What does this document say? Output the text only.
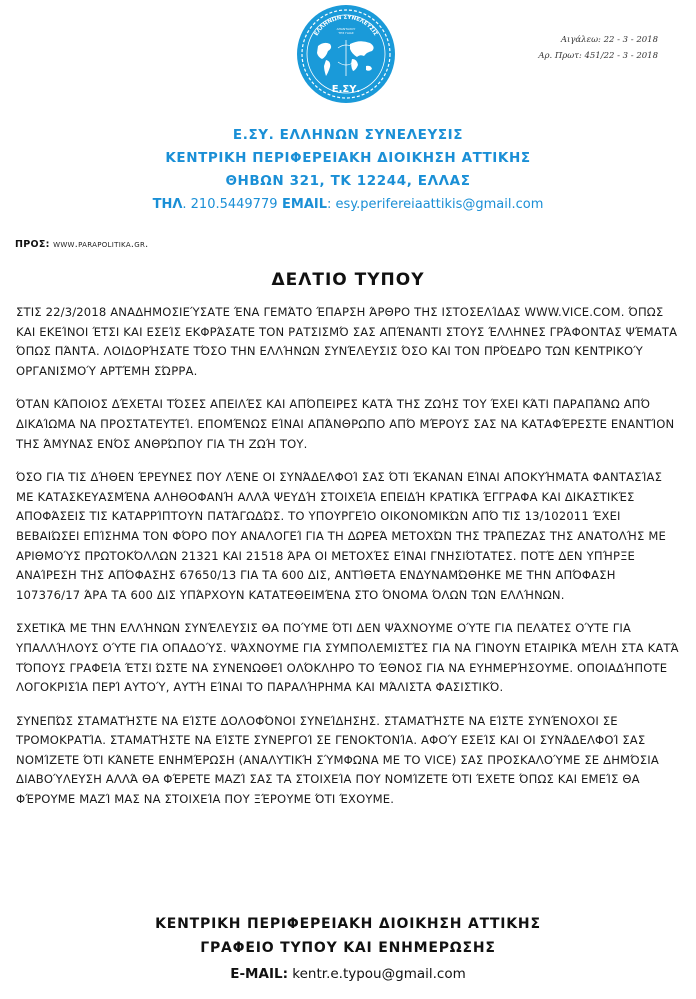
Ε.ΣΥ.
ΑΠΑΝΤΑΧΟΥ
ΤΗΣ ΓΑΙΑΣ
ΕΛΛΗΝΩΝ ΣΥΝΕΛΕΥΣΙΣ
Αιγάλεω: 22 - 3 - 2018
Αρ. Πρωτ: 451/22 - 3 - 2018
Ε.ΣΥ. ΕΛΛΗΝΩΝ ΣΥΝΕΛΕΥΣΙΣ
ΚΕΝΤΡΙΚΗ ΠΕΡΙΦΕΡΕΙΑΚΗ ΔΙΟΙΚΗΣΗ ΑΤΤΙΚΗΣ
ΘΗΒΩΝ 321, ΤΚ 12244, ΕΛΛΑΣ
ΤΗΛ. 210.5449779 EMAIL: esy.perifereiaattikis@gmail.com
ΠΡΟΣ: www.parapolitika.gr.
ΔΕΛΤΙΟ ΤΥΠΟΥ

ΣΤΙΣ 22/3/2018 ΑΝΑΔΗΜΟΣΙΕΎΣΑΤΕ ΈΝΑ ΓΕΜΆΤΟ ΈΠΑΡΣΗ ΆΡΘΡΟ ΤΗΣ ΙΣΤΟΣΕΛΊΔΑΣ WWW.VICE.COM. ΌΠΩΣ ΚΑΙ ΕΚΕΊΝΟΙ ΈΤΣΙ ΚΑΙ ΕΣΕΊΣ ΕΚΦΡΆΣΑΤΕ ΤΟΝ ΡΑΤΣΙΣΜΌ ΣΑΣ ΑΠΈΝΑΝΤΙ ΣΤΟΥΣ ΈΛΛΗΝΕΣ ΓΡΆΦΟΝΤΑΣ ΨΈΜΑΤΑ ΌΠΩΣ ΠΆΝΤΑ. ΛΟΙΔΟΡΉΣΑΤΕ ΤΌΣΟ ΤΗΝ ΕΛΛΉΝΩΝ ΣΥΝΈΛΕΥΣΙΣ ΌΣΟ ΚΑΙ ΤΟΝ ΠΡΌΕΔΡΟ ΤΩΝ ΚΕΝΤΡΙΚΟΎ ΟΡΓΑΝΙΣΜΟΎ ΑΡΤΈΜΗ ΣΏΡΡΑ.

ΌΤΑΝ ΚΆΠΟΙΟΣ ΔΈΧΕΤΑΙ ΤΌΣΕΣ ΑΠΕΙΛΈΣ ΚΑΙ ΑΠΌΠΕΙΡΕΣ ΚΑΤΆ ΤΗΣ ΖΩΉΣ ΤΟΥ ΈΧΕΙ ΚΆΤΙ ΠΑΡΑΠΆΝΩ ΑΠΌ ΔΙΚΑΊΩΜΑ ΝΑ ΠΡΟΣΤΑΤΕΥΤΕΊ. ΕΠΟΜΈΝΩΣ ΕΊΝΑΙ ΑΠΆΝΘΡΩΠΟ ΑΠΌ ΜΈΡΟΥΣ ΣΑΣ ΝΑ ΚΑΤΑΦΈΡΕΣΤΕ ΕΝΑΝΤΊΟΝ ΤΗΣ ΆΜΥΝΑΣ ΕΝΌΣ ΑΝΘΡΏΠΟΥ ΓΙΑ ΤΗ ΖΩΉ ΤΟΥ.

ΌΣΟ ΓΙΑ ΤΙΣ ΔΉΘΕΝ ΈΡΕΥΝΕΣ ΠΟΥ ΛΈΝΕ ΟΙ ΣΥΝΆΔΕΛΦΟΊ ΣΑΣ ΌΤΙ ΈΚΑΝΑΝ ΕΊΝΑΙ ΑΠΟΚΥΉΜΑΤΑ ΦΑΝΤΑΣΊΑΣ ΜΕ ΚΑΤΑΣΚΕΥΑΣΜΈΝΑ ΑΛΗΘΟΦΑΝΉ ΑΛΛΆ ΨΕΥΔΉ ΣΤΟΙΧΕΊΑ ΕΠΕΙΔΉ ΚΡΑΤΙΚΆ ΈΓΓΡΑΦΑ ΚΑΙ ΔΙΚΑΣΤΙΚΈΣ ΑΠΟΦΆΣΕΙΣ ΤΙΣ ΚΑΤΑΡΡΊΠΤΟΥΝ ΠΑΤΆΓΩΔΏΣ. ΤΟ ΥΠΟΥΡΓΕΊΟ ΟΙΚΟΝΟΜΙΚΏΝ ΑΠΌ ΤΙΣ 13/102011 ΈΧΕΙ ΒΕΒΑΙΏΣΕΙ ΕΠΊΣΗΜΑ ΤΟΝ ΦΌΡΟ ΠΟΥ ΑΝΑΛΟΓΕΊ ΓΙΑ ΤΗ ΔΩΡΕΆ ΜΕΤΟΧΏΝ ΤΗΣ ΤΡΆΠΕΖΑΣ ΤΗΣ ΑΝΑΤΟΛΉΣ ΜΕ ΑΡΙΘΜΟΎΣ ΠΡΩΤΟΚΌΛΛΩΝ 21321 ΚΑΙ 21518 ΆΡΑ ΟΙ ΜΕΤΟΧΈΣ ΕΊΝΑΙ ΓΝΗΣΙΌΤΑΤΕΣ. ΠΟΤΈ ΔΕΝ ΥΠΉΡΞΕ ΑΝΑΊΡΕΣΗ ΤΗΣ ΑΠΌΦΑΣΗΣ 67650/13 ΓΙΑ ΤΑ 600 ΔΙΣ, ΑΝΤΊΘΕΤΑ ΕΝΔΥΝΑΜΏΘΗΚΕ ΜΕ ΤΗΝ ΑΠΌΦΑΣΗ 107376/17 ΆΡΑ ΤΑ 600 ΔΙΣ ΥΠΆΡΧΟΥΝ ΚΑΤΑΤΕΘΕΙΜΈΝΑ ΣΤΟ ΌΝΟΜΑ ΌΛΩΝ ΤΩΝ ΕΛΛΉΝΩΝ.

ΣΧΕΤΙΚΆ ΜΕ ΤΗΝ ΕΛΛΉΝΩΝ ΣΥΝΈΛΕΥΣΙΣ ΘΑ ΠΟΎΜΕ ΌΤΙ ΔΕΝ ΨΆΧΝΟΥΜΕ ΟΎΤΕ ΓΙΑ ΠΕΛΆΤΕΣ ΟΎΤΕ ΓΙΑ ΥΠΑΛΛΉΛΟΥΣ ΟΎΤΕ ΓΙΑ ΟΠΑΔΟΎΣ. ΨΆΧΝΟΥΜΕ ΓΙΑ ΣΥΜΠΟΛΕΜΙΣΤΈΣ ΓΙΑ ΝΑ ΓΊΝΟΥΝ ΕΤΑΙΡΙΚΆ ΜΈΛΗ ΣΤΑ ΚΑΤΆ ΤΌΠΟΥΣ ΓΡΑΦΕΊΑ ΈΤΣΙ ΏΣΤΕ ΝΑ ΣΥΝΕΝΩΘΕΊ ΟΛΌΚΛΗΡΟ ΤΟ ΈΘΝΟΣ ΓΙΑ ΝΑ ΕΥΗΜΕΡΉΣΟΥΜΕ. ΟΠΟΙΑΔΉΠΟΤΕ ΛΟΓΟΚΡΙΣΊΑ ΠΕΡΊ ΑΥΤΟΎ, ΑΥΤΉ ΕΊΝΑΙ ΤΟ ΠΑΡΑΛΉΡΗΜΑ ΚΑΙ ΜΆΛΙΣΤΑ ΦΑΣΙΣΤΙΚΌ.

ΣΥΝΕΠΏΣ ΣΤΑΜΑΤΉΣΤΕ ΝΑ ΕΊΣΤΕ ΔΟΛΟΦΌΝΟΙ ΣΥΝΕΊΔΗΣΗΣ. ΣΤΑΜΑΤΉΣΤΕ ΝΑ ΕΊΣΤΕ ΣΥΝΈΝΟΧΟΙ ΣΕ ΤΡΟΜΟΚΡΑΤΊΑ. ΣΤΑΜΑΤΉΣΤΕ ΝΑ ΕΊΣΤΕ ΣΥΝΕΡΓΟΊ ΣΕ ΓΕΝΟΚΤΟΝΊΑ. ΑΦΟΎ ΕΣΕΊΣ ΚΑΙ ΟΙ ΣΥΝΆΔΕΛΦΟΊ ΣΑΣ ΝΟΜΊΖΕΤΕ ΌΤΙ ΚΆΝΕΤΕ ΕΝΗΜΈΡΩΣΗ (ΑΝΑΛΥΤΙΚΉ ΣΎΜΦΩΝΑ ΜΕ ΤΟ VICE) ΣΑΣ ΠΡΟΣΚΑΛΟΎΜΕ ΣΕ ΔΗΜΌΣΙΑ ΔΙΑΒΟΎΛΕΥΣΗ ΑΛΛΆ ΘΑ ΦΈΡΕΤΕ ΜΑΖΊ ΣΑΣ ΤΑ ΣΤΟΙΧΕΊΑ ΠΟΥ ΝΟΜΊΖΕΤΕ ΌΤΙ ΈΧΕΤΕ ΌΠΩΣ ΚΑΙ ΕΜΕΊΣ ΘΑ ΦΈΡΟΥΜΕ ΜΑΖΊ ΜΑΣ ΝΑ ΣΤΟΙΧΕΊΑ ΠΟΥ ΞΈΡΟΥΜΕ ΌΤΙ ΈΧΟΥΜΕ.

ΚΕΝΤΡΙΚΗ ΠΕΡΙΦΕΡΕΙΑΚΗ ΔΙΟΙΚΗΣΗ ΑΤΤΙΚΗΣ
ΓΡΑΦΕΙΟ ΤΥΠΟΥ ΚΑΙ ΕΝΗΜΕΡΩΣΗΣ
E-MAIL: kentr.e.typou@gmail.com
